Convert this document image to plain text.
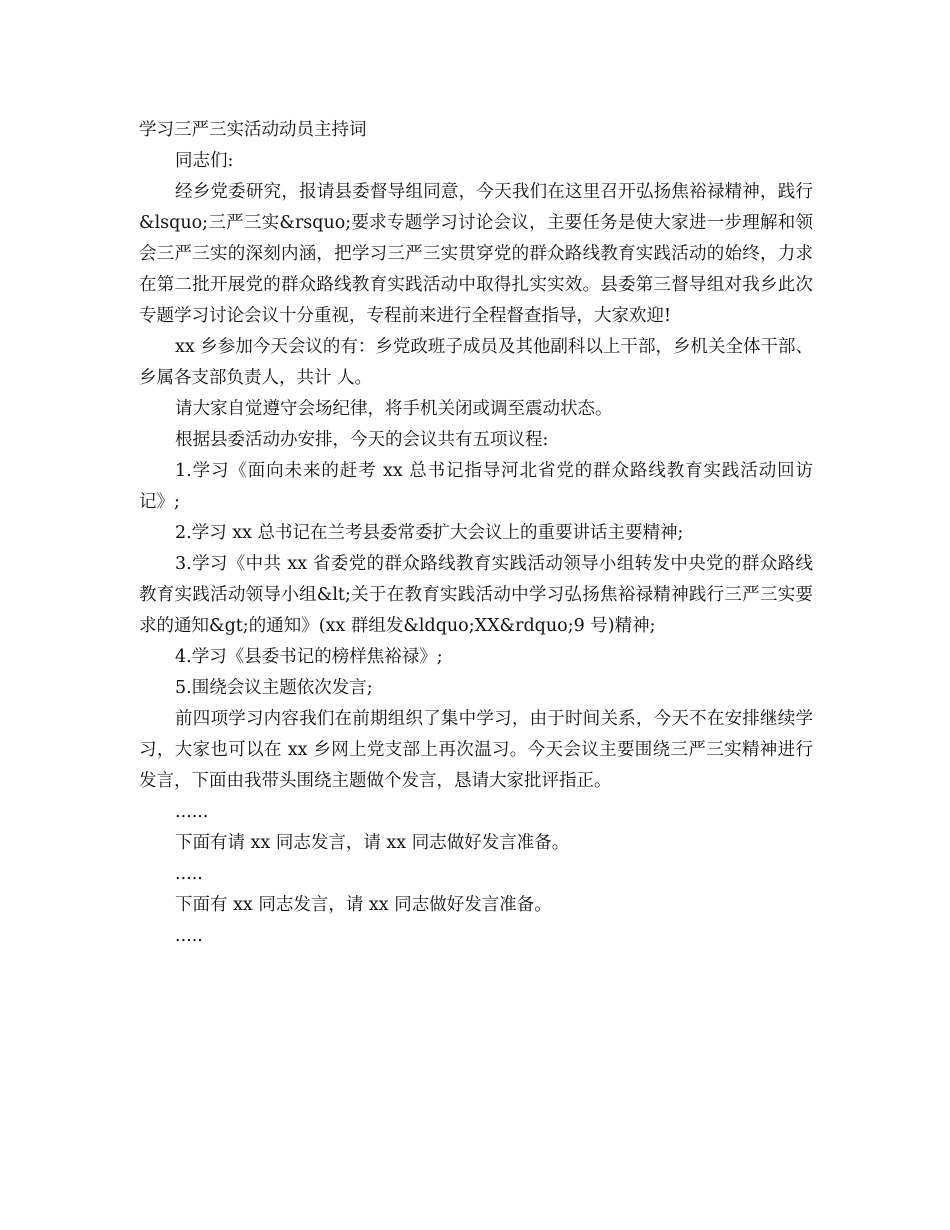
学习三严三实活动动员主持词

同志们:

经乡党委研究，报请县委督导组同意，今天我们在这里召开弘扬焦裕禄精神，践行&lsquo;三严三实&rsquo;要求专题学习讨论会议，主要任务是使大家进一步理解和领会三严三实的深刻内涵，把学习三严三实贯穿党的群众路线教育实践活动的始终，力求在第二批开展党的群众路线教育实践活动中取得扎实实效。县委第三督导组对我乡此次专题学习讨论会议十分重视，专程前来进行全程督查指导，大家欢迎!

xx 乡参加今天会议的有：乡党政班子成员及其他副科以上干部，乡机关全体干部、乡属各支部负责人，共计 人。

请大家自觉遵守会场纪律，将手机关闭或调至震动状态。

根据县委活动办安排，今天的会议共有五项议程:

1.学习《面向未来的赶考 xx 总书记指导河北省党的群众路线教育实践活动回访记》;

2.学习 xx 总书记在兰考县委常委扩大会议上的重要讲话主要精神;

3.学习《中共 xx 省委党的群众路线教育实践活动领导小组转发中央党的群众路线教育实践活动领导小组&lt;关于在教育实践活动中学习弘扬焦裕禄精神践行三严三实要求的通知&gt;的通知》(xx 群组发&ldquo;XX&rdquo;9 号)精神;

4.学习《县委书记的榜样焦裕禄》;

5.围绕会议主题依次发言;

前四项学习内容我们在前期组织了集中学习，由于时间关系，今天不在安排继续学习，大家也可以在 xx 乡网上党支部上再次温习。今天会议主要围绕三严三实精神进行发言，下面由我带头围绕主题做个发言，恳请大家批评指正。

......

下面有请 xx 同志发言，请 xx 同志做好发言准备。

.....

下面有 xx 同志发言，请 xx 同志做好发言准备。

.....
